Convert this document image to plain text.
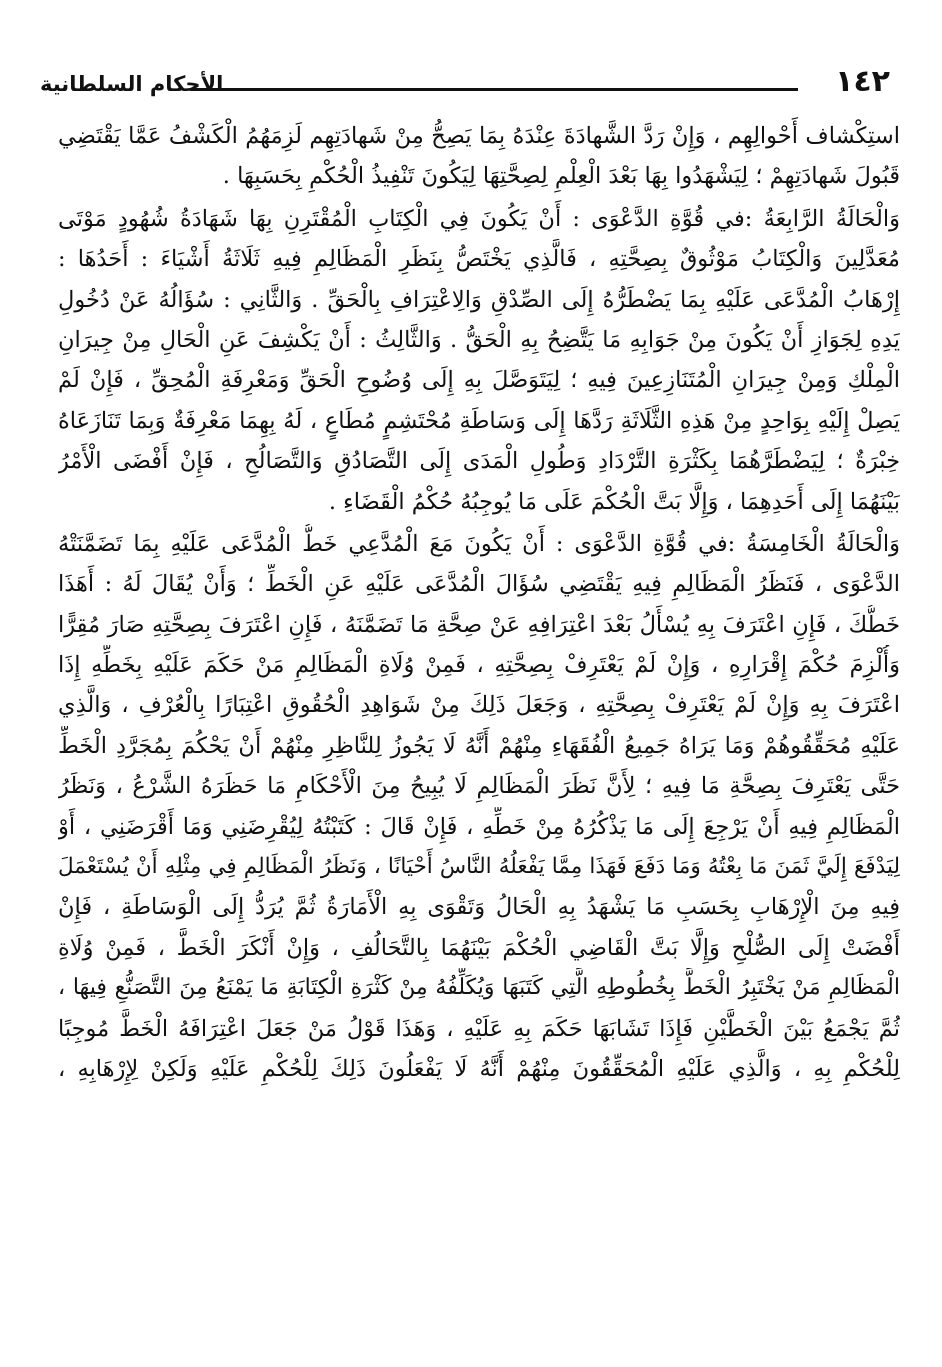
١٤٢
الأحكام السلطانية
استِكْشاف أَحْوالِهِم ، وَإِنْ رَدَّ الشَّهادَةَ عِنْدَهُ بِمَا يَصِحُّ مِنْ شَهادَتِهِم لَزِمَهُمُ الْكَشْفُ عَمَّا يَقْتَضِي
قَبُولَ شَهادَتِهِمْ ؛ لِيَشْهَدُوا بِهَا بَعْدَ الْعِلْمِ لِصِحَّتِهَا لِيَكُونَ تَنْفِيذُ الْحُكْمِ بِحَسَبِهَا .
وَالْحَالَةُ الرَّابِعَةُ :في قُوَّةِ الدَّعْوَى : أَنْ يَكُونَ فِي الْكِتَابِ الْمُقْتَرِنِ بِهَا شَهَادَةُ شُهُودٍ مَوْتَى
مُعَدَّلِينَ وَالْكِتَابُ مَوْثُوقٌ بِصِحَّتِهِ ، فَالَّذِي يَخْتَصُّ بِنَظَرِ الْمَظَالِمِ فِيهِ ثَلَاثَةُ أَشْيَاءَ : أَحَدُهَا :
إِرْهَابُ الْمُدَّعَى عَلَيْهِ بِمَا يَضْطَرُّهُ إِلَى الصِّدْقِ وَالِاعْتِرَافِ بِالْحَقِّ . وَالثَّانِي : سُؤَالُهُ عَنْ دُخُولِ
يَدِهِ لِجَوَازِ أَنْ يَكُونَ مِنْ جَوَابِهِ مَا يَتَّضِحُ بِهِ الْحَقُّ . وَالثَّالِثُ : أَنْ يَكْشِفَ عَنِ الْحَالِ مِنْ جِيرَانِ
الْمِلْكِ وَمِنْ جِيرَانِ الْمُتَنَازِعِينَ فِيهِ ؛ لِيَتَوَصَّلَ بِهِ إِلَى وُضُوحِ الْحَقِّ وَمَعْرِفَةِ الْمُحِقِّ ، فَإِنْ لَمْ
يَصِلْ إِلَيْهِ بِوَاحِدٍ مِنْ هَذِهِ الثَّلَاثَةِ رَدَّهَا إِلَى وَسَاطَةِ مُحْتَشِمٍ مُطَاعٍ ، لَهُ بِهِمَا مَعْرِفَةٌ وَبِمَا تَنَازَعَاهُ
خِبْرَةٌ ؛ لِيَضْطَرَّهُمَا بِكَثْرَةِ التَّرْدَادِ وَطُولِ الْمَدَى إِلَى التَّصَادُقِ وَالتَّصَالُحِ ، فَإِنْ أَفْضَى الْأَمْرُ
بَيْنَهُمَا إِلَى أَحَدِهِمَا ، وَإِلَّا بَتَّ الْحُكْمَ عَلَى مَا يُوجِبُهُ حُكْمُ الْقَضَاءِ .
وَالْحَالَةُ الْخَامِسَةُ :في قُوَّةِ الدَّعْوَى : أَنْ يَكُونَ مَعَ الْمُدَّعِي خَطُّ الْمُدَّعَى عَلَيْهِ بِمَا تَضَمَّنَتْهُ
الدَّعْوَى ، فَنَظَرُ الْمَظَالِمِ فِيهِ يَقْتَضِي سُؤَالَ الْمُدَّعَى عَلَيْهِ عَنِ الْخَطِّ ؛ وَأَنْ يُقَالَ لَهُ : أَهَذَا
خَطُّكَ ، فَإِنِ اعْتَرَفَ بِهِ يُسْأَلُ بَعْدَ اعْتِرَافِهِ عَنْ صِحَّةِ مَا تَضَمَّنَهُ ، فَإِنِ اعْتَرَفَ بِصِحَّتِهِ صَارَ مُقِرًّا
وَأُلْزِمَ حُكْمَ إِقْرَارِهِ ، وَإِنْ لَمْ يَعْتَرِفْ بِصِحَّتِهِ ، فَمِنْ وُلَاةِ الْمَظَالِمِ مَنْ حَكَمَ عَلَيْهِ بِخَطِّهِ إِذَا
اعْتَرَفَ بِهِ وَإِنْ لَمْ يَعْتَرِفْ بِصِحَّتِهِ ، وَجَعَلَ ذَلِكَ مِنْ شَوَاهِدِ الْحُقُوقِ اعْتِبَارًا بِالْعُرْفِ ، وَالَّذِي
عَلَيْهِ مُحَقِّقُوهُمْ وَمَا يَرَاهُ جَمِيعُ الْفُقَهَاءِ مِنْهُمْ أَنَّهُ لَا يَجُوزُ لِلنَّاظِرِ مِنْهُمْ أَنْ يَحْكُمَ بِمُجَرَّدِ الْخَطِّ
حَتَّى يَعْتَرِفَ بِصِحَّةِ مَا فِيهِ ؛ لِأَنَّ نَظَرَ الْمَظَالِمِ لَا يُبِيحُ مِنَ الْأَحْكَامِ مَا حَظَرَهُ الشَّرْعُ ، وَنَظَرُ
الْمَظَالِمِ فِيهِ أَنْ يَرْجِعَ إِلَى مَا يَذْكُرُهُ مِنْ خَطِّهِ ، فَإِنْ قَالَ : كَتَبْتُهُ لِيُقْرِضَنِي وَمَا أَقْرَضَنِي ، أَوْ
لِيَدْفَعَ إِلَيَّ ثَمَنَ مَا بِعْتُهُ وَمَا دَفَعَ فَهَذَا مِمَّا يَفْعَلُهُ النَّاسُ أَحْيَانًا ، وَنَظَرُ الْمَظَالِمِ فِي مِثْلِهِ أَنْ يُسْتَعْمَلَ
فِيهِ مِنَ الْإِرْهَابِ بِحَسَبِ مَا يَشْهَدُ بِهِ الْحَالُ وَتَقْوَى بِهِ الْأَمَارَةُ ثُمَّ يُرَدُّ إِلَى الْوَسَاطَةِ ، فَإِنْ
أَفْضَتْ إِلَى الصُّلْحِ وَإِلَّا بَتَّ الْقَاضِي الْحُكْمَ بَيْنَهُمَا بِالتَّحَالُفِ ، وَإِنْ أَنْكَرَ الْخَطَّ ، فَمِنْ وُلَاةِ
الْمَظَالِمِ مَنْ يَخْتَبِرُ الْخَطَّ بِخُطُوطِهِ الَّتِي كَتَبَهَا وَيُكَلِّفُهُ مِنْ كَثْرَةِ الْكِتَابَةِ مَا يَمْنَعُ مِنَ التَّصَنُّعِ فِيهَا ،
ثُمَّ يَجْمَعُ بَيْنَ الْخَطَّيْنِ فَإِذَا تَشَابَهَا حَكَمَ بِهِ عَلَيْهِ ، وَهَذَا قَوْلُ مَنْ جَعَلَ اعْتِرَافَهُ الْخَطَّ مُوجِبًا
لِلْحُكْمِ بِهِ ، وَالَّذِي عَلَيْهِ الْمُحَقِّقُونَ مِنْهُمْ أَنَّهُ لَا يَفْعَلُونَ ذَلِكَ لِلْحُكْمِ عَلَيْهِ وَلَكِنْ لِإِرْهَابِهِ ،
